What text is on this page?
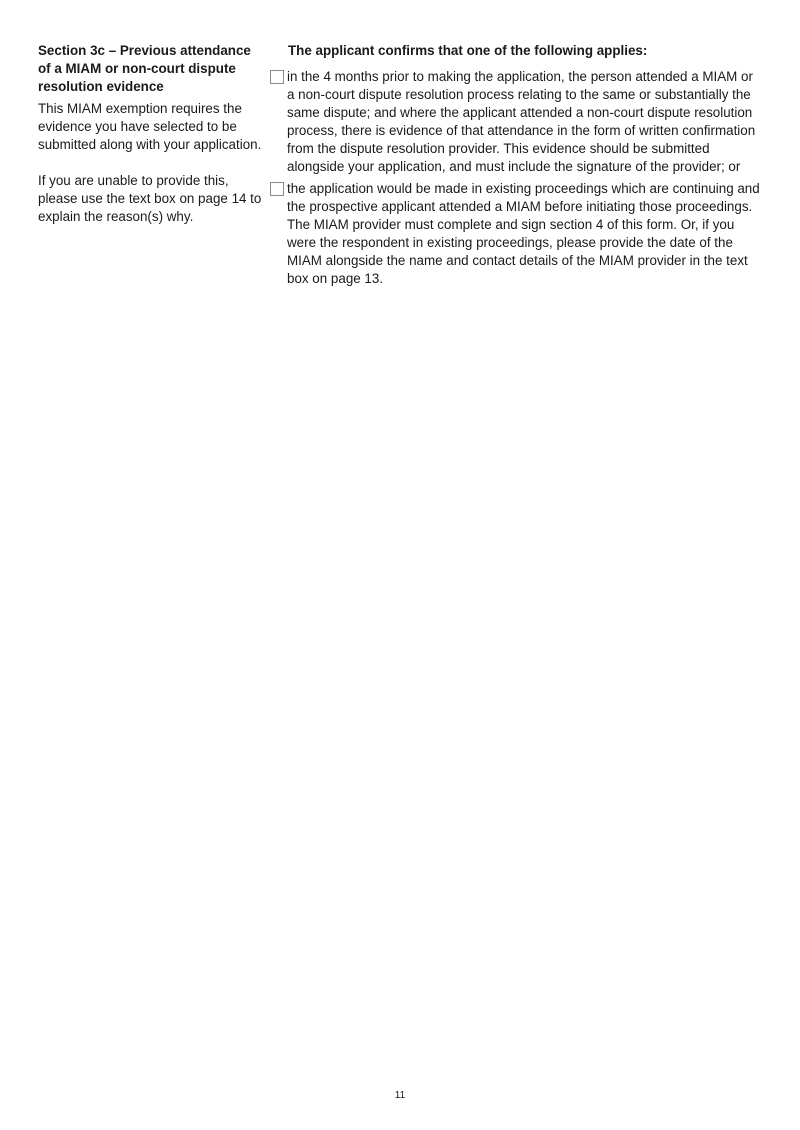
Section 3c – Previous attendance of a MIAM or non-court dispute resolution evidence

This MIAM exemption requires the evidence you have selected to be submitted along with your application.

If you are unable to provide this, please use the text box on page 14 to explain the reason(s) why.

The applicant confirms that one of the following applies:

in the 4 months prior to making the application, the person attended a MIAM or a non-court dispute resolution process relating to the same or substantially the same dispute; and where the applicant attended a non-court dispute resolution process, there is evidence of that attendance in the form of written confirmation from the dispute resolution provider. This evidence should be submitted alongside your application, and must include the signature of the provider; or

the application would be made in existing proceedings which are continuing and the prospective applicant attended a MIAM before initiating those proceedings. The MIAM provider must complete and sign section 4 of this form. Or, if you were the respondent in existing proceedings, please provide the date of the MIAM alongside the name and contact details of the MIAM provider in the text box on page 13.

11
